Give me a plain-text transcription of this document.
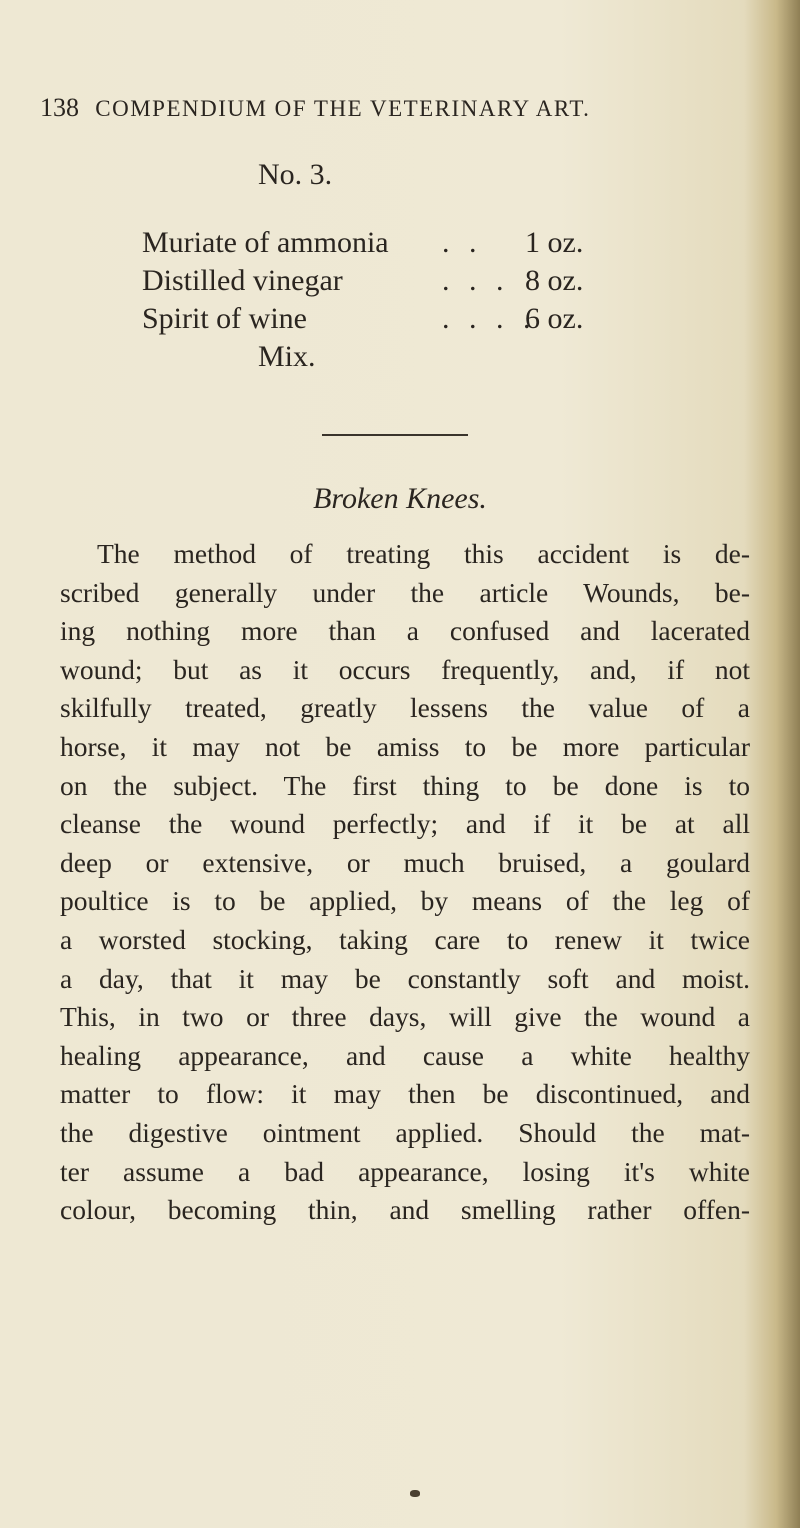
138 COMPENDIUM OF THE VETERINARY ART.
No. 3.
Muriate of ammonia . . 1 oz.
Distilled vinegar	. . . 8 oz.
Spirit of wine	. . . .
6 oz.
Mix.
Broken Knees.
The method of treating this accident is de-
scribed generally under the article Wounds, be-
ing nothing more than a confused and lacerated
wound; but as it occurs frequently, and, if not
skilfully treated, greatly lessens the value of a
horse, it may not be amiss to be more particular
on the subject. The first thing to be done is to
cleanse the wound perfectly; and if it be at all
deep or extensive, or much bruised, a goulard
poultice is to be applied, by means of the leg of
a worsted stocking, taking care to renew it twice
a day, that it may be constantly soft and moist.
This, in two or three days, will give the wound a
healing appearance, and cause a white healthy
matter to flow: it may then be discontinued, and
the digestive ointment applied. Should the mat-
ter assume a bad appearance, losing it's white
colour, becoming thin, and smelling rather offen-
